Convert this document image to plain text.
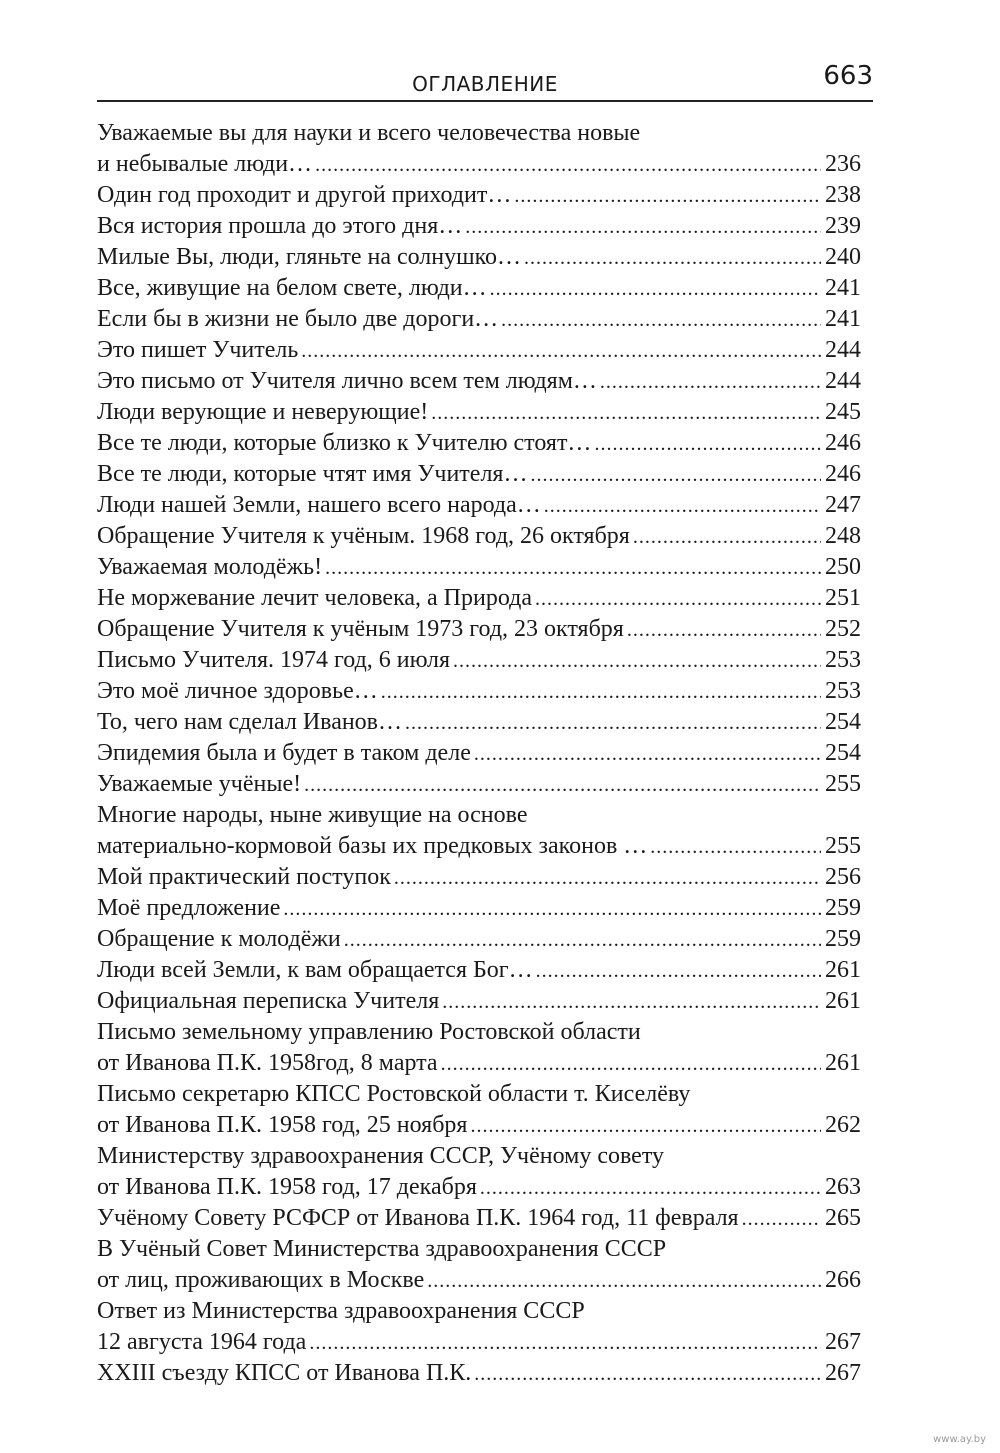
ОГЛАВЛЕНИЕ	663
Уважаемые вы для науки и всего человечества новые
и небывалые люди… .....	236
Один год проходит и другой приходит… .....	238
Вся история прошла до этого дня… .....	239
Милые Вы, люди, гляньте на солнушко… .....	240
Все, живущие на белом свете, люди… .....	241
Если бы в жизни не было две дороги… .....	241
Это пишет Учитель .....	244
Это письмо от Учителя лично всем тем людям… .....	244
Люди верующие и неверующие! .....	245
Все те люди, которые близко к Учителю стоят… .....	246
Все те люди, которые чтят имя Учителя… .....	246
Люди нашей Земли, нашего всего народа… .....	247
Обращение Учителя к учёным. 1968 год, 26 октября .....	248
Уважаемая молодёжь! .....	250
Не моржевание лечит человека, а Природа .....	251
Обращение Учителя к учёным 1973 год, 23 октября .....	252
Письмо Учителя. 1974 год, 6 июля .....	253
Это моё личное здоровье… .....	253
То, чего нам сделал Иванов… .....	254
Эпидемия была и будет в таком деле .....	254
Уважаемые учёные! .....	255
Многие народы, ныне живущие на основе
материально-кормовой базы их предковых законов … .....	255
Мой практический поступок .....	256
Моё предложение .....	259
Обращение к молодёжи .....	259
Люди всей Земли, к вам обращается Бог… .....	261
Официальная переписка Учителя .....	261
Письмо земельному управлению Ростовской области
от Иванова П.К. 1958год, 8 марта .....	261
Письмо секретарю КПСС Ростовской области т. Киселёву
от Иванова П.К. 1958 год, 25 ноября .....	262
Министерству здравоохранения СССР, Учёному совету
от Иванова П.К. 1958 год, 17 декабря .....	263
Учёному Совету РСФСР от Иванова П.К. 1964 год, 11 февраля .....	265
В Учёный Совет Министерства здравоохранения СССР
от лиц, проживающих в Москве .....	266
Ответ из Министерства здравоохранения СССР
12 августа 1964 года .....	267
XXIII съезду КПСС от Иванова П.К. .....	267
www.ay.by
